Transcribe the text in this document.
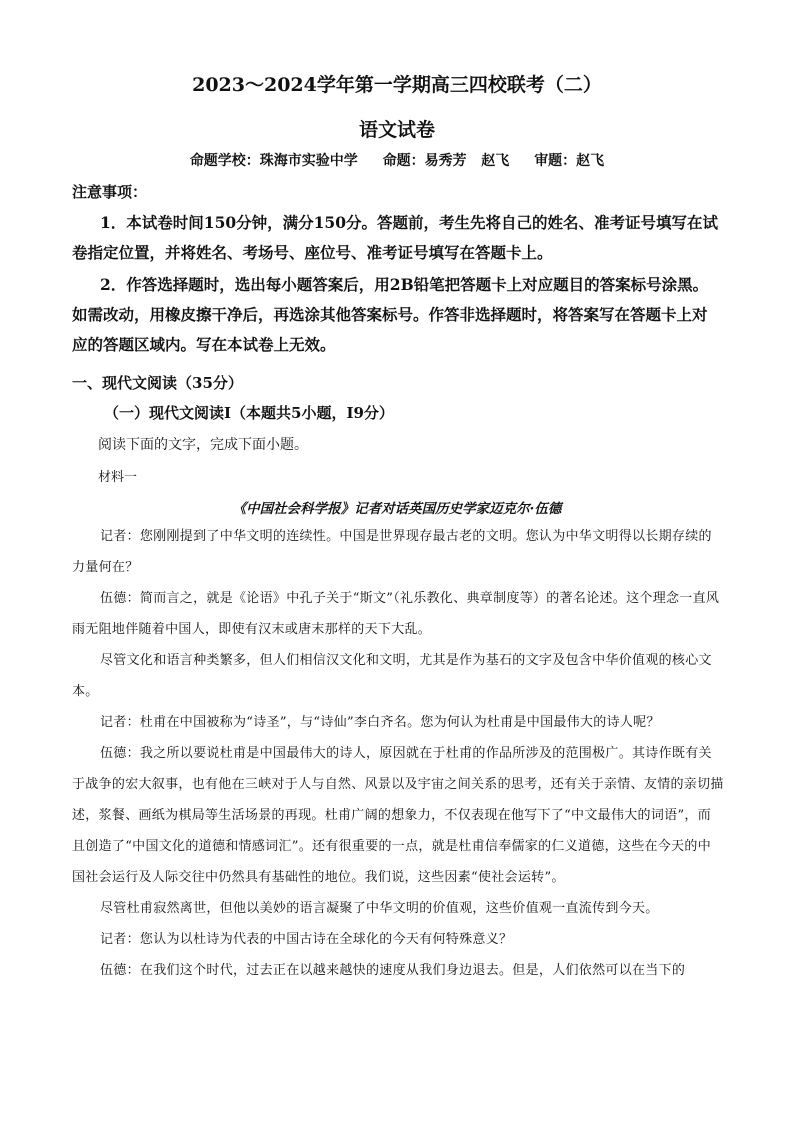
2023～2024学年第一学期高三四校联考（二）
语文试卷
命题学校：珠海市实验中学 命题：易秀芳   赵飞 审题：赵飞
注意事项：

1．本试卷时间150分钟，满分150分。答题前，考生先将自己的姓名、准考证号填写在试卷指定位置，并将姓名、考场号、座位号、准考证号填写在答题卡上。

2．作答选择题时，选出每小题答案后，用2B铅笔把答题卡上对应题目的答案标号涂黑。如需改动，用橡皮擦干净后，再选涂其他答案标号。作答非选择题时，将答案写在答题卡上对应的答题区域内。写在本试卷上无效。

一、现代文阅读（35分）
（一）现代文阅读Ⅰ（本题共5小题，I9分）
阅读下面的文字，完成下面小题。
材料一
《中国社会科学报》记者对话英国历史学家迈克尔·伍德

记者：您刚刚提到了中华文明的连续性。中国是世界现存最古老的文明。您认为中华文明得以长期存续的力量何在？

伍德：简而言之，就是《论语》中孔子关于“斯文”（礼乐教化、典章制度等）的著名论述。这个理念一直风雨无阻地伴随着中国人，即使有汉末或唐末那样的天下大乱。

尽管文化和语言种类繁多，但人们相信汉文化和文明，尤其是作为基石的文字及包含中华价值观的核心文本。

记者：杜甫在中国被称为“诗圣”，与“诗仙”李白齐名。您为何认为杜甫是中国最伟大的诗人呢？

伍德：我之所以要说杜甫是中国最伟大的诗人，原因就在于杜甫的作品所涉及的范围极广。其诗作既有关于战争的宏大叙事，也有他在三峡对于人与自然、风景以及宇宙之间关系的思考，还有关于亲情、友情的亲切描述，浆餐、画纸为棋局等生活场景的再现。杜甫广阔的想象力，不仅表现在他写下了“中文最伟大的词语”，而且创造了“中国文化的道德和情感词汇”。还有很重要的一点，就是杜甫信奉儒家的仁义道德，这些在今天的中国社会运行及人际交往中仍然具有基础性的地位。我们说，这些因素“使社会运转”。

尽管杜甫寂然离世，但他以美妙的语言凝聚了中华文明的价值观，这些价值观一直流传到今天。

记者：您认为以杜诗为代表的中国古诗在全球化的今天有何特殊意义？

伍德：在我们这个时代，过去正在以越来越快的速度从我们身边退去。但是，人们依然可以在当下的
